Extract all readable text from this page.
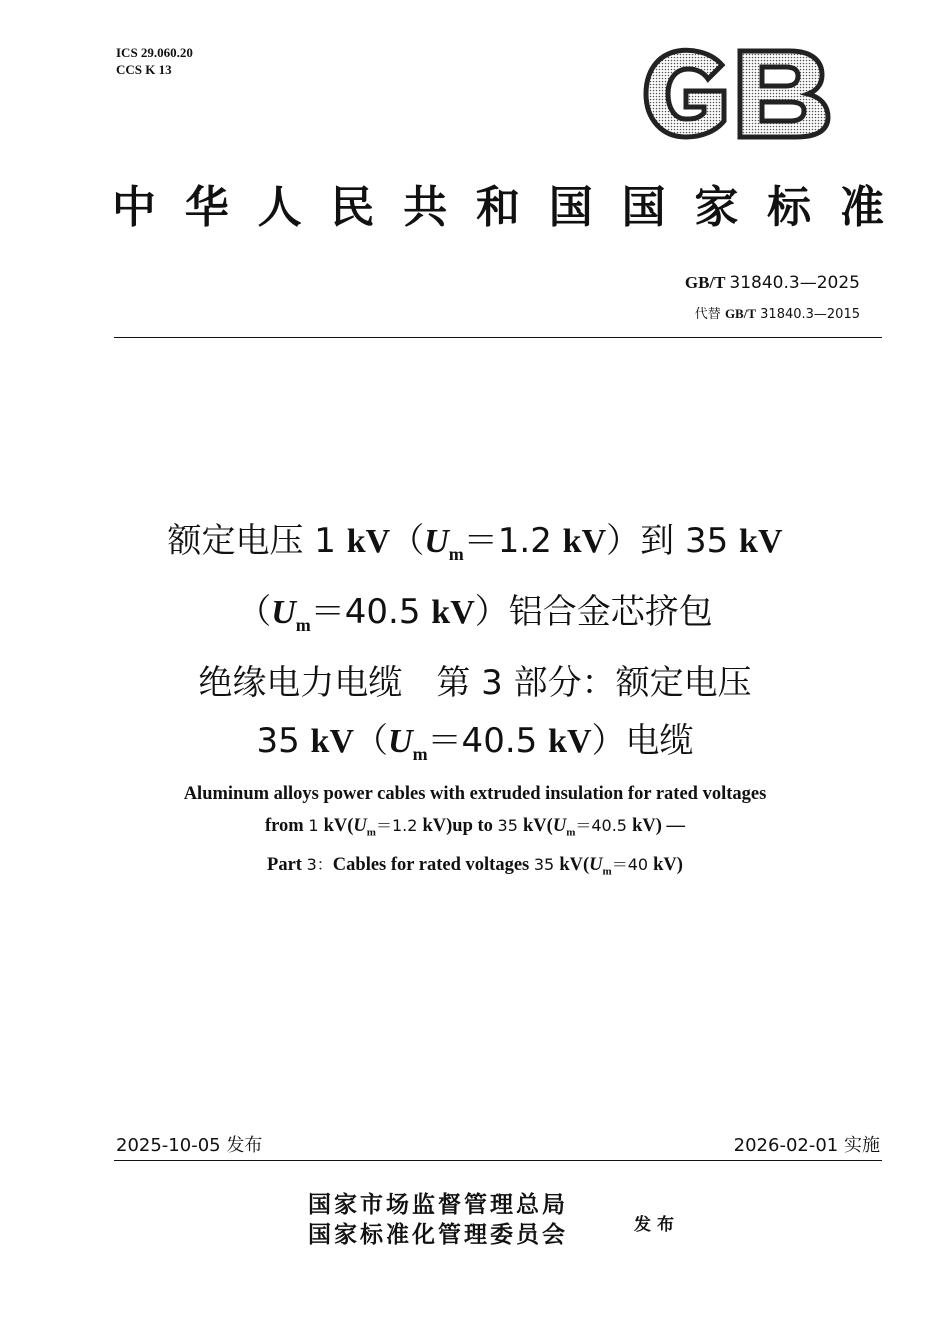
ICS 29.060.20
CCS K 13
中 华 人 民 共 和 国 国 家 标 准
GB/T 31840.3—2025
代替 GB/T 31840.3—2015
额定电压 1 $kV(U_m=1.2$ kV）到 35 kV
（$U_m=40.5$ kV）铝合金芯挤包
绝缘电力电缆　第 3 部分：额定电压
35 $kV(U_m=40.5$ kV）电缆
Aluminum alloys power cables with extruded insulation for rated voltages
from 1 $kV(U_m=1.2$ kV)up to 35 $kV(U_m=40.5$ kV) —
Part 3：Cables for rated voltages 35 $kV(U_m=40$ kV)
2025-10-05 发布	2026-02-01 实施
国家市场监督管理总局
国家标准化管理委员会	发布
